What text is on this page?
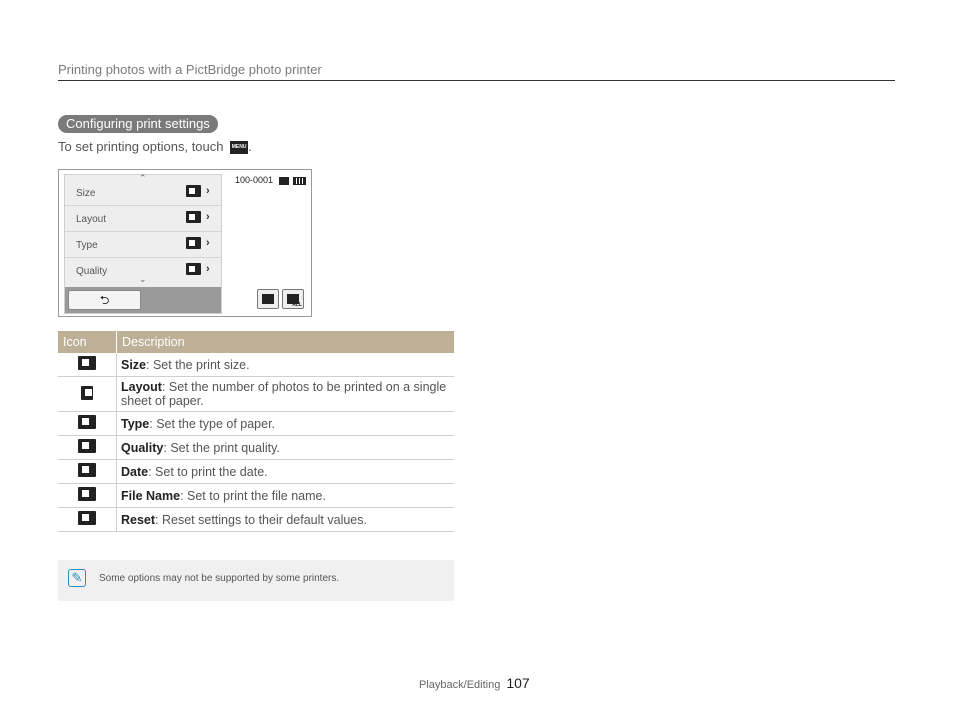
Printing photos with a PictBridge photo printer
Configuring print settings
To set printing options, touch MENU .
⌃
Size	›
Layout	›
Type	›
Quality	›
⌄
⮌
100-0001
ALL
Icon	Description
	Size: Set the print size.
	Layout: Set the number of photos to be printed on a single sheet of paper.
	Type: Set the type of paper.
	Quality: Set the print quality.
	Date: Set to print the date.
	File Name: Set to print the file name.
	Reset: Reset settings to their default values.
✎	Some options may not be supported by some printers.
Playback/Editing 107
